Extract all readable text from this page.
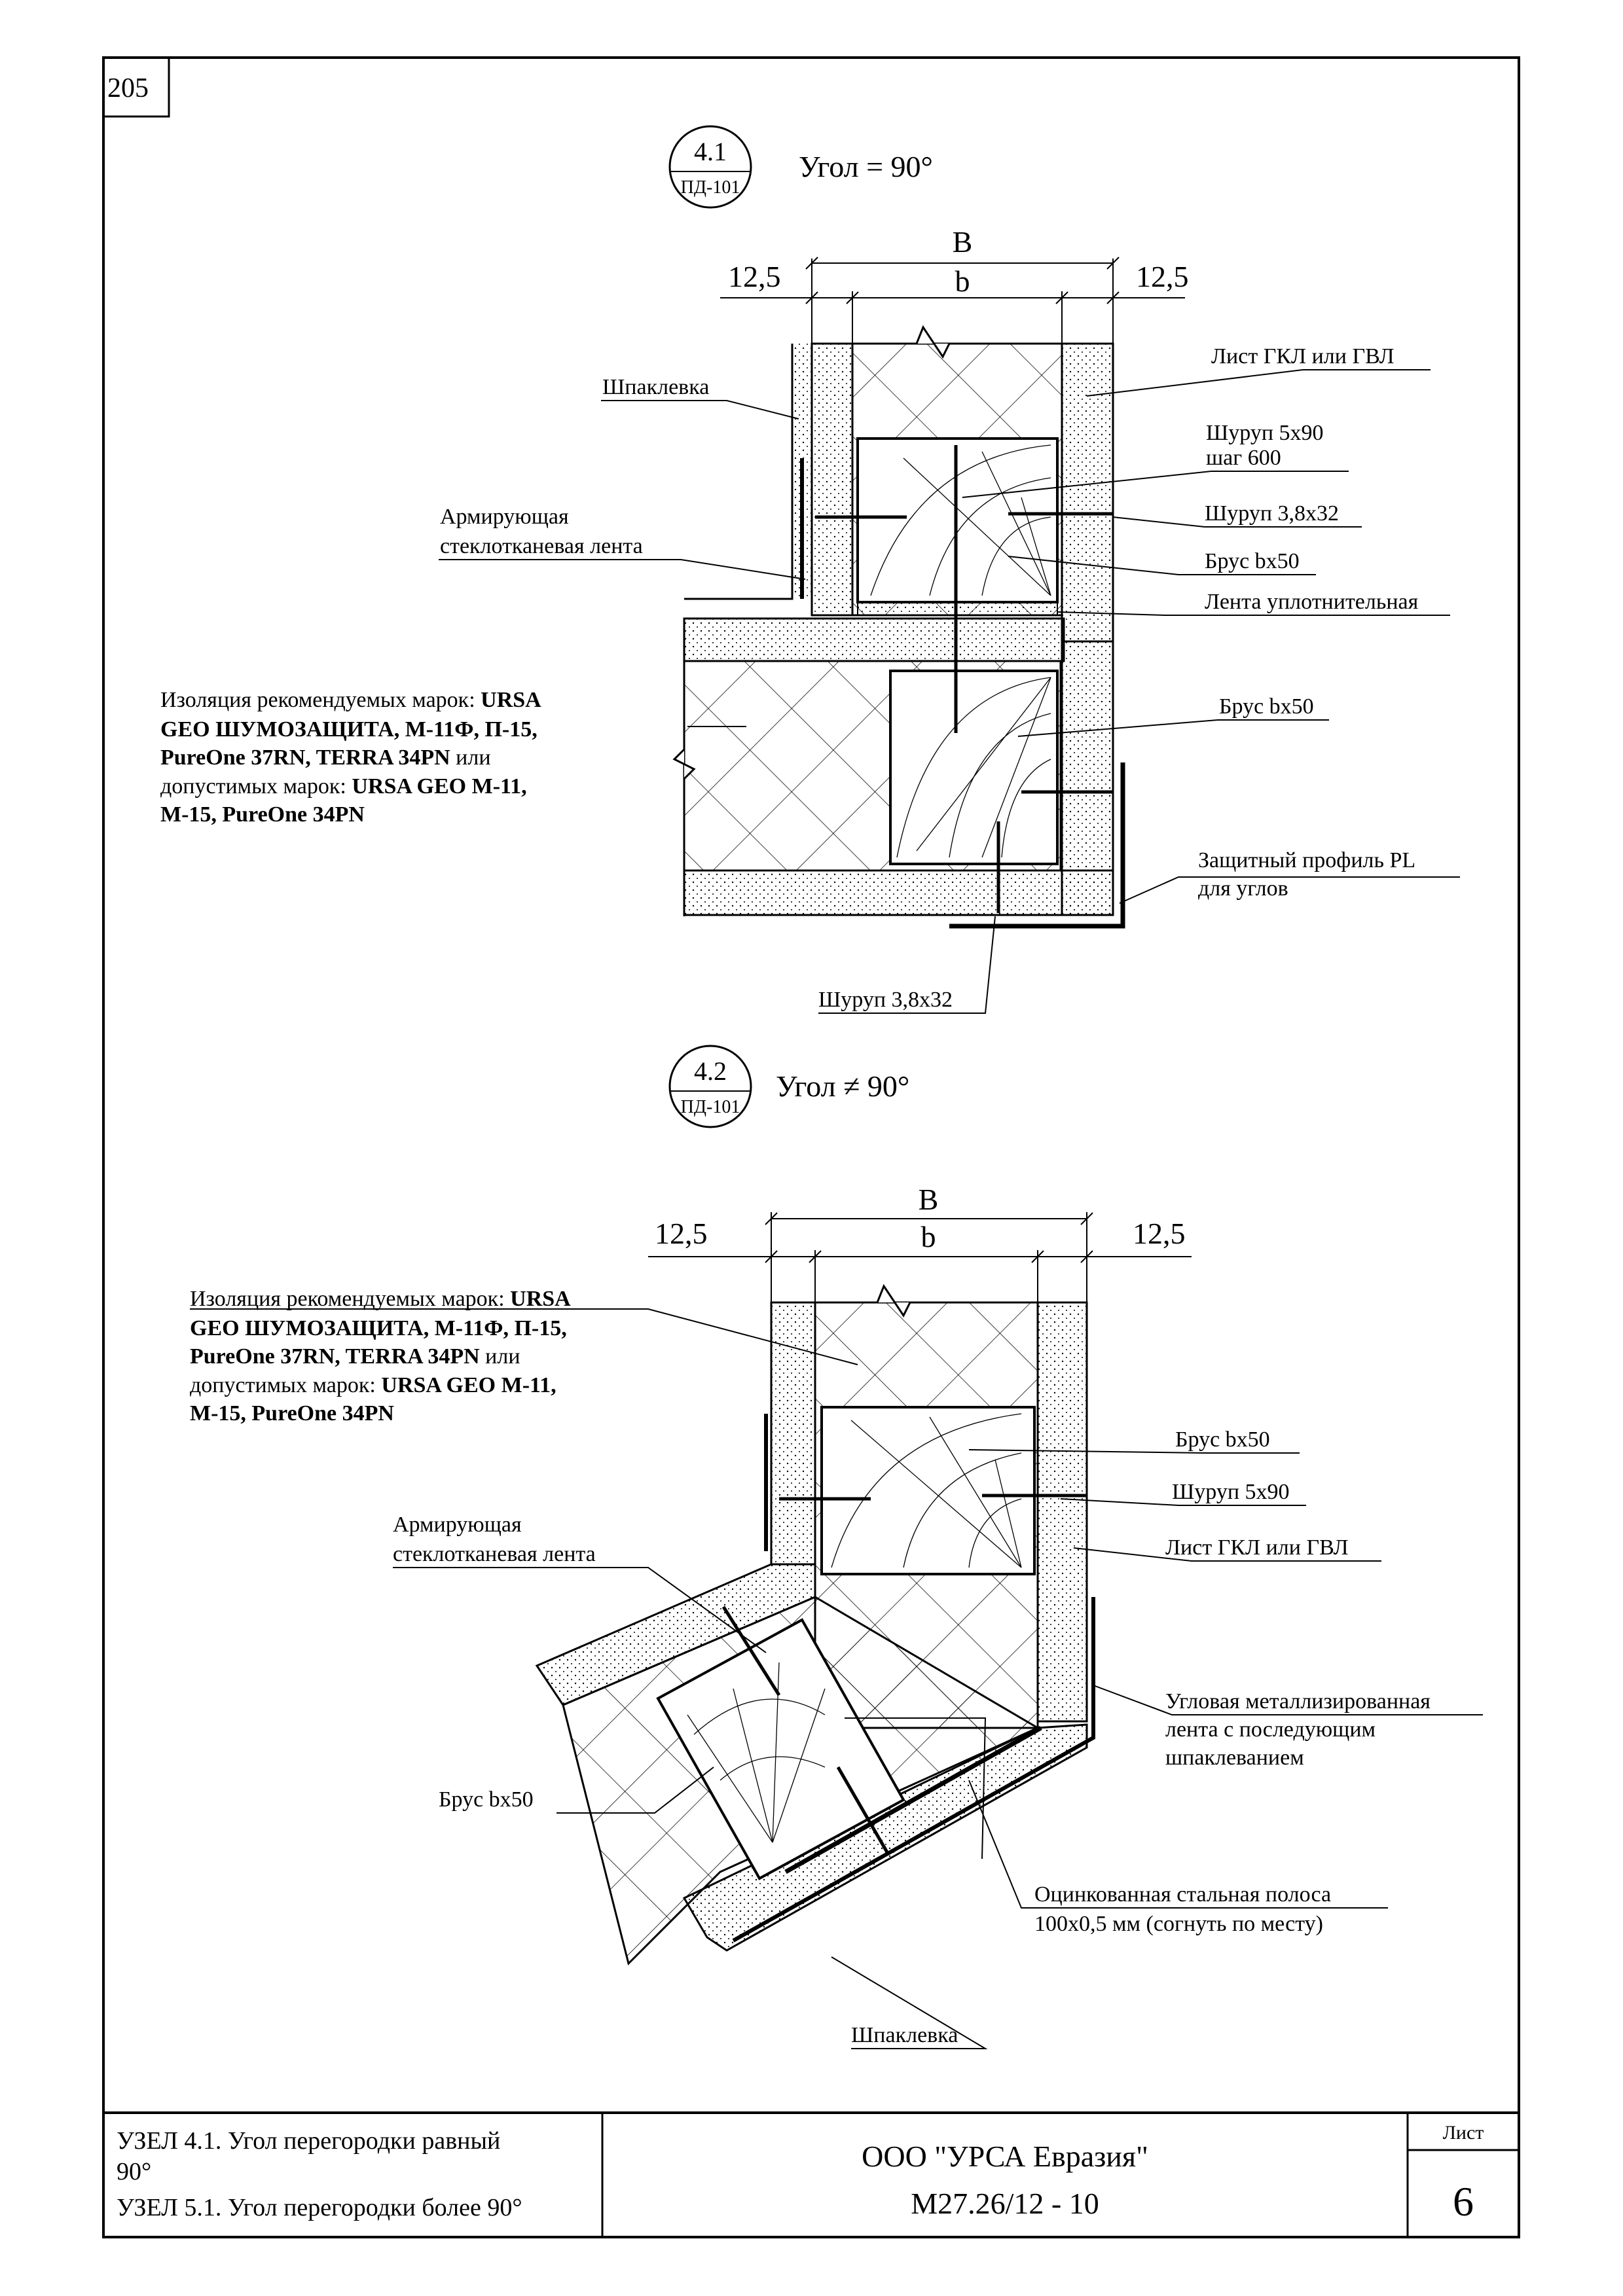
205
УЗЕЛ 4.1. Угол перегородки равный
90°
УЗЕЛ 5.1. Угол перегородки более 90°
ООО "УРСА Евразия"
М27.26/12 - 10
Лист
6
4.1
ПД-101
Угол = 90°
B
b
12,5	12,5
Шпаклевка
Лист ГКЛ или ГВЛ
Шуруп 5х90
шаг 600
Армирующая
стеклотканевая лента
Шуруп 3,8х32
Брус bх50
Лента уплотнительная
Брус bх50
Изоляция рекомендуемых марок: URSA
GEO ШУМОЗАЩИТА, М-11Ф, П-15,
PureOne 37RN, TERRA 34PN или
допустимых марок: URSA GEO M-11,
M-15, PureOne 34PN
Защитный профиль PL
для углов
Шуруп 3,8х32
4.2
ПД-101
Угол ≠ 90°
B
b
12,5	12,5
Изоляция рекомендуемых марок: URSA
GEO ШУМОЗАЩИТА, М-11Ф, П-15,
PureOne 37RN, TERRA 34PN или
допустимых марок: URSA GEO M-11,
M-15, PureOne 34PN
Брус bх50
Шуруп 5х90
Армирующая
стеклотканевая лента	Лист ГКЛ или ГВЛ
Угловая металлизированная
лента с последующим
шпаклеванием
Брус bх50
Оцинкованная стальная полоса
100х0,5 мм (согнуть по месту)
Шпаклевка
